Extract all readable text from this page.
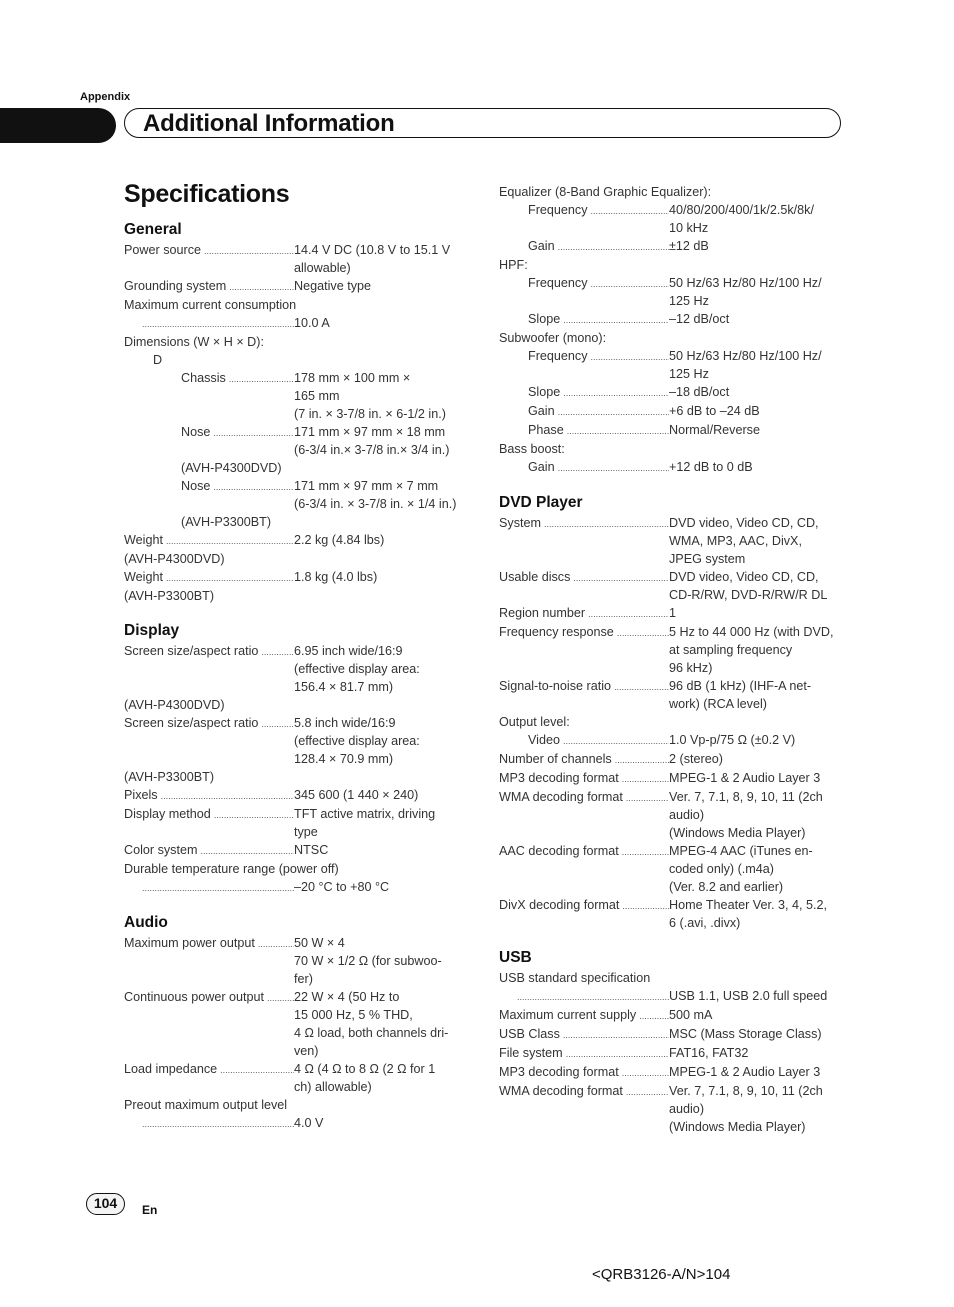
Appendix
Additional Information
Specifications
General
Power source .....	14.4 V DC (10.8 V to 15.1 V
allowable)
Grounding system .....	Negative type
Maximum current consumption
.....
10.0 A
Dimensions (W × H × D):
D
Chassis .....	178 mm × 100 mm ×
165 mm
(7 in. × 3-7/8 in. × 6-1/2 in.)
Nose .....	171 mm × 97 mm × 18 mm
(6-3/4 in.× 3-7/8 in.× 3/4 in.)
(AVH-P4300DVD)
Nose .....	171 mm × 97 mm × 7 mm
(6-3/4 in. × 3-7/8 in. × 1/4 in.)
(AVH-P3300BT)
Weight .....	2.2 kg (4.84 lbs)
(AVH-P4300DVD)
Weight .....	1.8 kg (4.0 lbs)
(AVH-P3300BT)
Display
Screen size/aspect ratio .....	6.95 inch wide/16:9
(effective display area:
156.4 × 81.7 mm)
(AVH-P4300DVD)
Screen size/aspect ratio .....	5.8 inch wide/16:9
(effective display area:
128.4 × 70.9 mm)
(AVH-P3300BT)
Pixels .....	345 600 (1 440 × 240)
Display method .....	TFT active matrix, driving
type
Color system .....	NTSC
Durable temperature range (power off)
.....
–20 °C to +80 °C
Audio
Maximum power output .....	50 W × 4
70 W × 1/2 Ω (for subwoo-
fer)
Continuous power output ..... 22 W × 4 (50 Hz to
15 000 Hz, 5 % THD,
4 Ω load, both channels dri-
ven)
Load impedance .....	4 Ω (4 Ω to 8 Ω (2 Ω for 1
ch) allowable)
Preout maximum output level
.....
4.0 V
Equalizer (8-Band Graphic Equalizer):
Frequency .....	40/80/200/400/1k/2.5k/8k/
10 kHz
Gain .....	±12 dB
HPF:
Frequency .....	50 Hz/63 Hz/80 Hz/100 Hz/
125 Hz
Slope .....	–12 dB/oct
Subwoofer (mono):
Frequency .....	50 Hz/63 Hz/80 Hz/100 Hz/
125 Hz
Slope .....	–18 dB/oct
Gain .....	+6 dB to –24 dB
Phase .....	Normal/Reverse
Bass boost:
Gain .....	+12 dB to 0 dB
DVD Player
System .....	DVD video, Video CD, CD,
WMA, MP3, AAC, DivX,
JPEG system
Usable discs .....	DVD video, Video CD, CD,
CD-R/RW, DVD-R/RW/R DL
Region number .....	1
Frequency response .....	5 Hz to 44 000 Hz (with DVD,
at sampling frequency
96 kHz)
Signal-to-noise ratio .....	96 dB (1 kHz) (IHF-A net-
work) (RCA level)
Output level:
Video .....	1.0 Vp-p/75 Ω (±0.2 V)
Number of channels .....	2 (stereo)
MP3 decoding format .....	MPEG-1 & 2 Audio Layer 3
WMA decoding format .....	Ver. 7, 7.1, 8, 9, 10, 11 (2ch
audio)
(Windows Media Player)
AAC decoding format .....	MPEG-4 AAC (iTunes en-
coded only) (.m4a)
(Ver. 8.2 and earlier)
DivX decoding format .....	Home Theater Ver. 3, 4, 5.2,
6 (.avi, .divx)
USB
USB standard specification
.....
USB 1.1, USB 2.0 full speed
Maximum current supply .....	500 mA
USB Class .....	MSC (Mass Storage Class)
File system .....	FAT16, FAT32
MP3 decoding format .....	MPEG-1 & 2 Audio Layer 3
WMA decoding format .....	Ver. 7, 7.1, 8, 9, 10, 11 (2ch
audio)
(Windows Media Player)
104	En
<QRB3126-A/N>104
